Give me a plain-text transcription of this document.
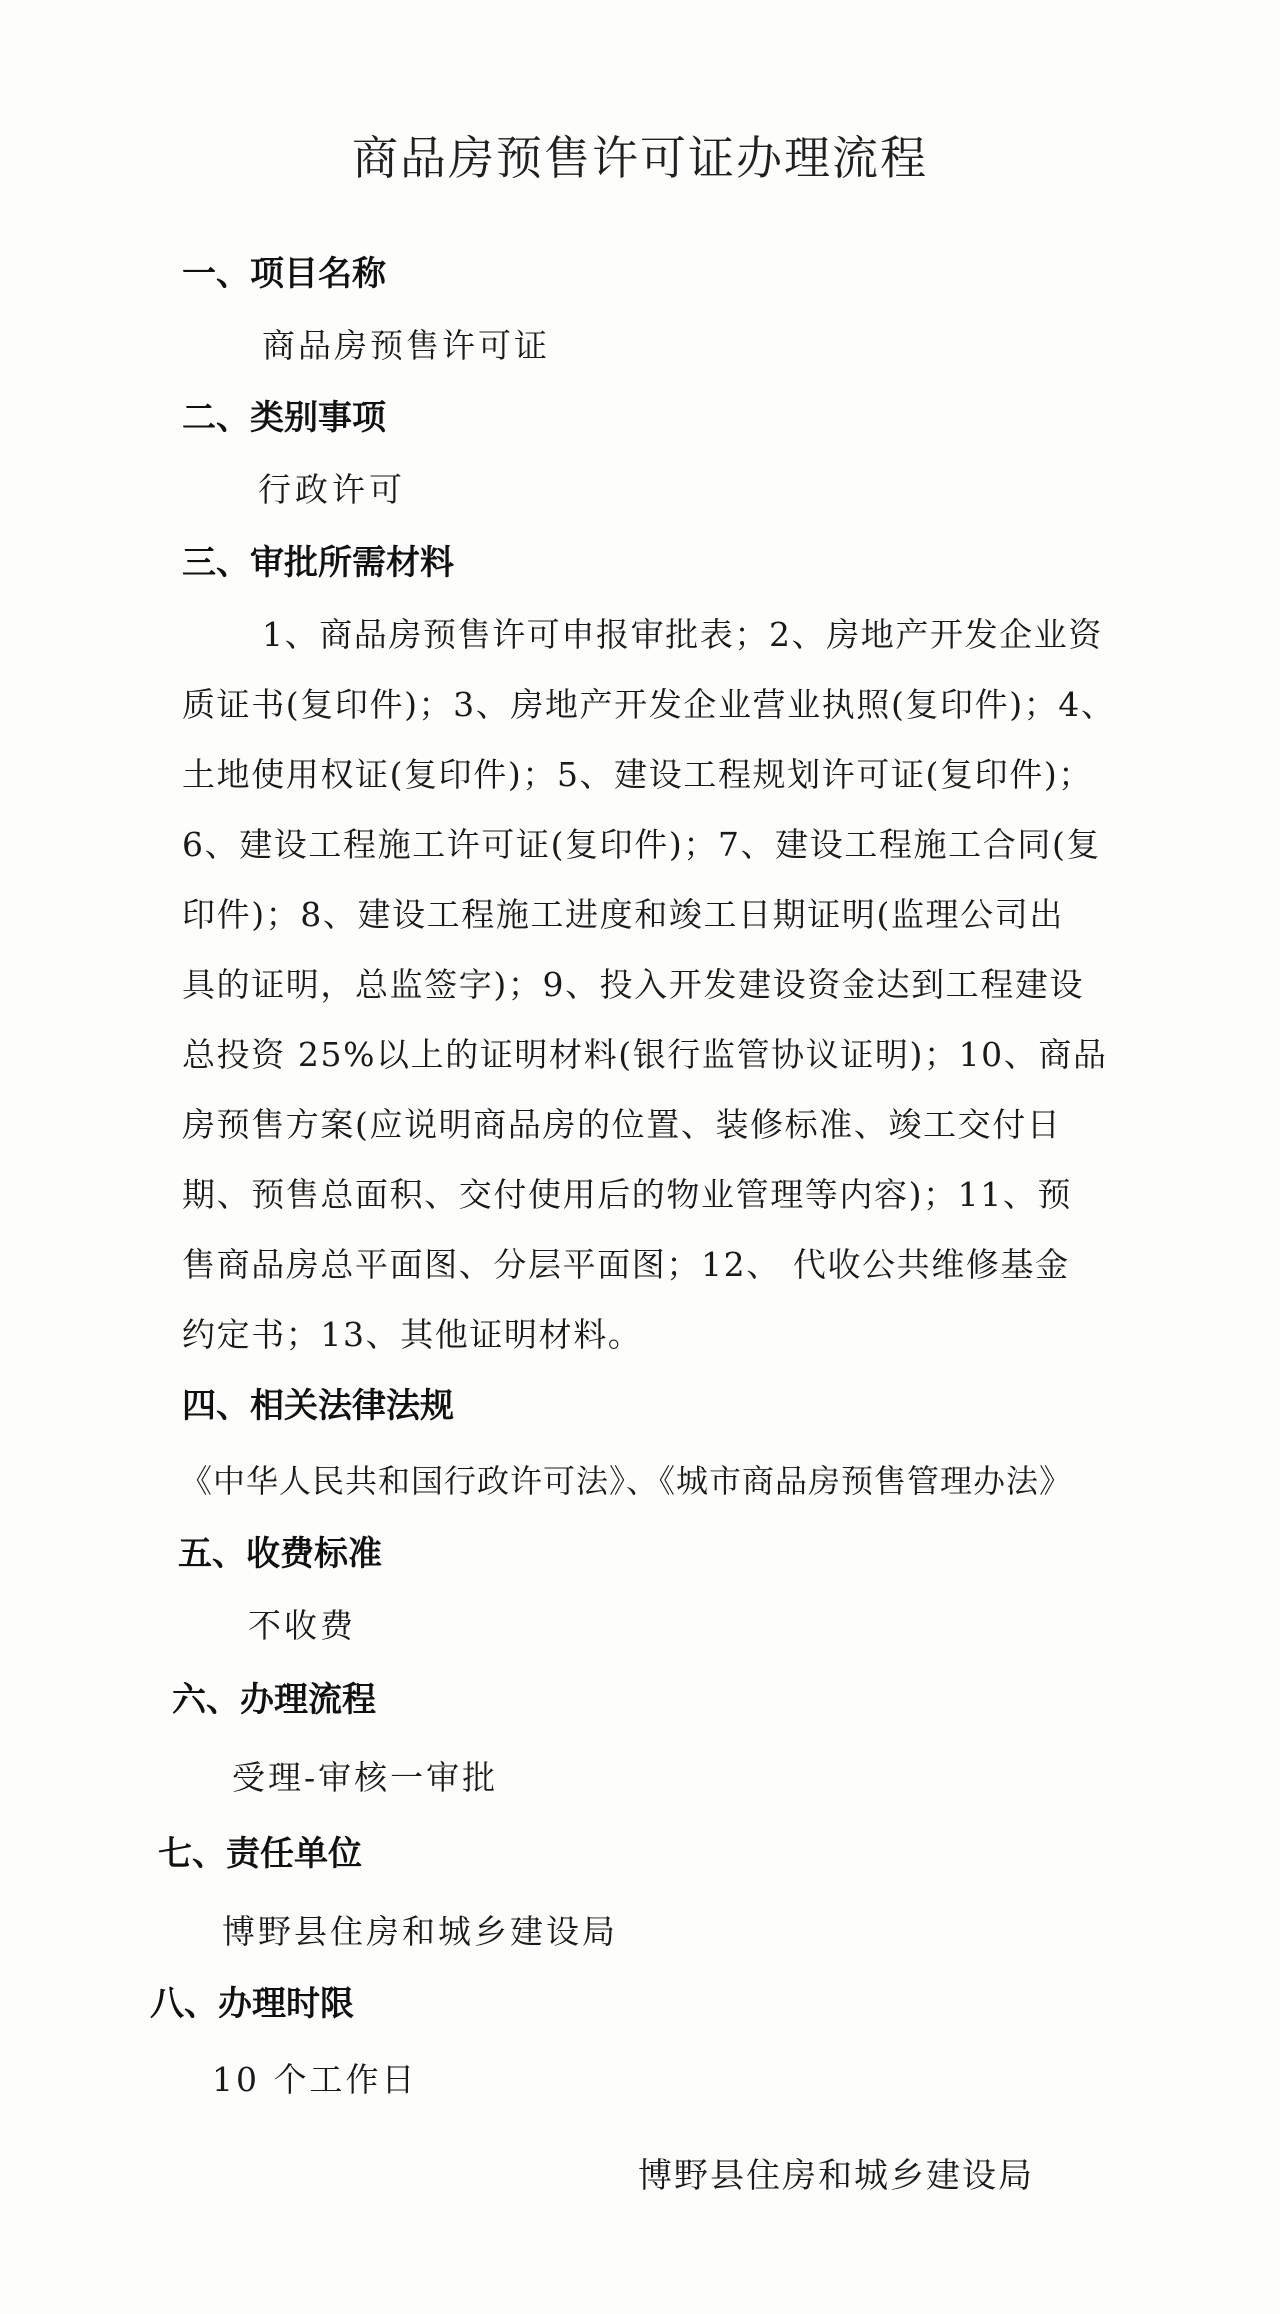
商品房预售许可证办理流程
一、项目名称
商品房预售许可证
二、类别事项
行政许可
三、审批所需材料
1、商品房预售许可申报审批表；2、房地产开发企业资
质证书(复印件)；3、房地产开发企业营业执照(复印件)；4、
土地使用权证(复印件)；5、建设工程规划许可证(复印件)；
6、建设工程施工许可证(复印件)；7、建设工程施工合同(复
印件)；8、建设工程施工进度和竣工日期证明(监理公司出
具的证明，总监签字)；9、投入开发建设资金达到工程建设
总投资 25%以上的证明材料(银行监管协议证明)；10、商品
房预售方案(应说明商品房的位置、装修标准、竣工交付日
期、预售总面积、交付使用后的物业管理等内容)；11、预
售商品房总平面图、分层平面图；12、 代收公共维修基金
约定书；13、其他证明材料。
四、相关法律法规
《中华人民共和国行政许可法》、《城市商品房预售管理办法》
五、收费标准
不收费
六、办理流程
受理-审核一审批
七、责任单位
博野县住房和城乡建设局
八、办理时限
10 个工作日
博野县住房和城乡建设局
